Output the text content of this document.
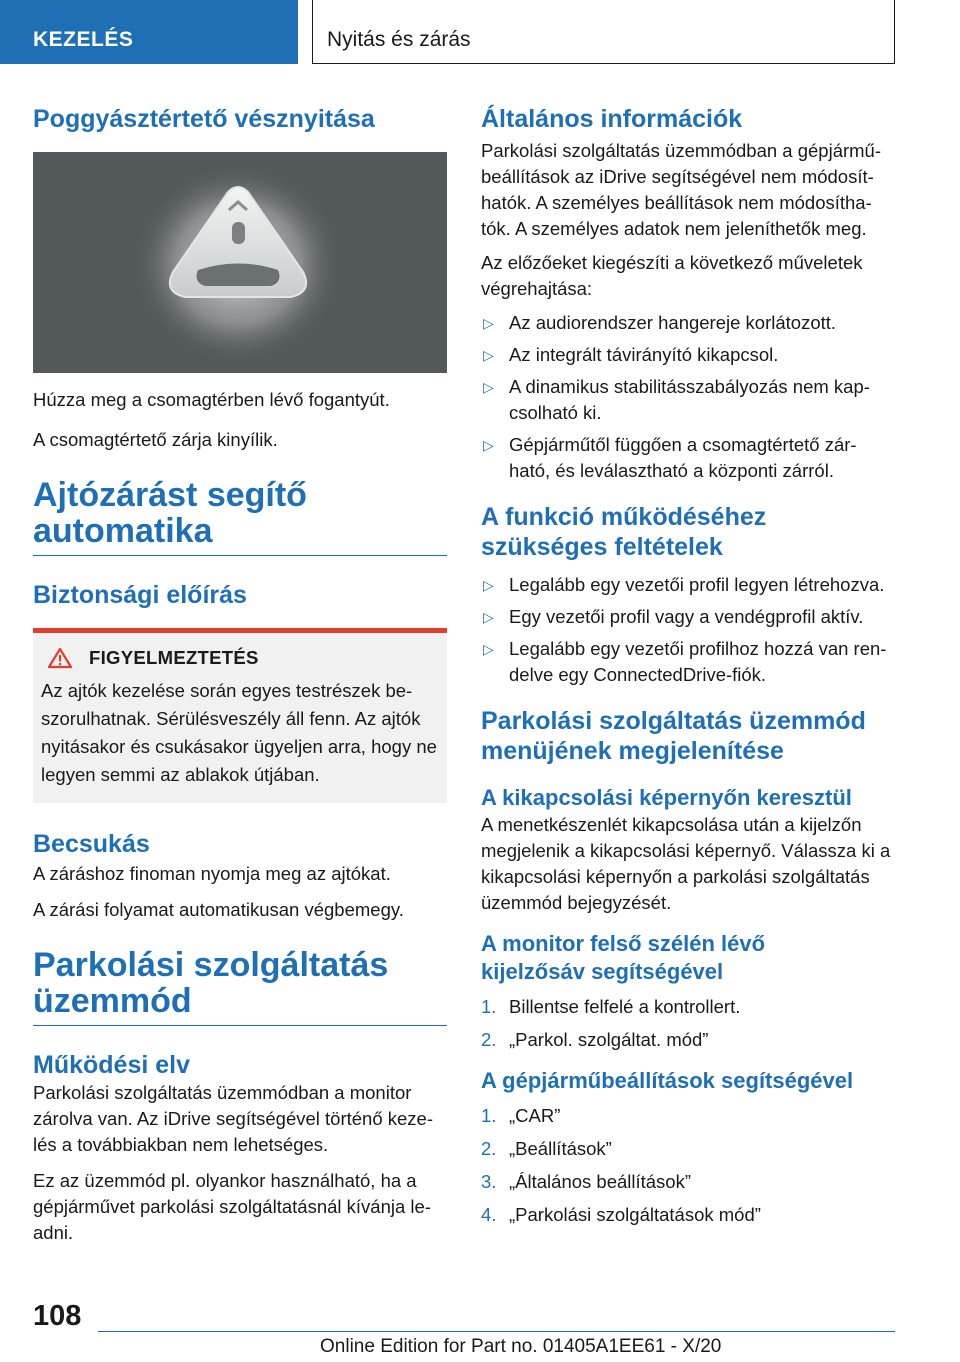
KEZELÉS	Nyitás és zárás
Poggyásztértető vésznyitása

Húzza meg a csomagtérben lévő fogantyút.

A csomagtértető zárja kinyílik.

Ajtózárást segítő
automatika
Biztonsági előírás
FIGYELMEZTETÉS

Az ajtók kezelése során egyes testrészek be-

szorulhatnak. Sérülésveszély áll fenn. Az ajtók

nyitásakor és csukásakor ügyeljen arra, hogy ne

legyen semmi az ablakok útjában.

Becsukás

A záráshoz finoman nyomja meg az ajtókat.

A zárási folyamat automatikusan végbemegy.

Parkolási szolgáltatás
üzemmód
Működési elv

Parkolási szolgáltatás üzemmódban a monitor

zárolva van. Az iDrive segítségével történő keze-

lés a továbbiakban nem lehetséges.

Ez az üzemmód pl. olyankor használható, ha a

gépjárművet parkolási szolgáltatásnál kívánja le-

adni.

Általános információk

Parkolási szolgáltatás üzemmódban a gépjármű-

beállítások az iDrive segítségével nem módosít-

hatók. A személyes beállítások nem módosítha-

tók. A személyes adatok nem jeleníthetők meg.

Az előzőeket kiegészíti a következő műveletek

végrehajtása:

▷ Az audiorendszer hangereje korlátozott.
▷ Az integrált távirányító kikapcsol.
▷ A dinamikus stabilitásszabályozás nem kap-
csolható ki.
▷ Gépjárműtől függően a csomagtértető zár-
ható, és leválasztható a központi zárról.
A funkció működéséhez
szükséges feltételek
▷ Legalább egy vezetői profil legyen létrehozva.
▷ Egy vezetői profil vagy a vendégprofil aktív.
▷ Legalább egy vezetői profilhoz hozzá van ren-
delve egy ConnectedDrive-fiók.
Parkolási szolgáltatás üzemmód
menüjének megjelenítése
A kikapcsolási képernyőn keresztül

A menetkészenlét kikapcsolása után a kijelzőn

megjelenik a kikapcsolási képernyő. Válassza ki a

kikapcsolási képernyőn a parkolási szolgáltatás

üzemmód bejegyzését.

A monitor felső szélén lévő
kijelzősáv segítségével
1. Billentse felfelé a kontrollert.
2. „Parkol. szolgáltat. mód”
A gépjárműbeállítások segítségével
1. „CAR”
2. „Beállítások”
3. „Általános beállítások”
4. „Parkolási szolgáltatások mód”
108
Online Edition for Part no. 01405A1EE61 - X/20
